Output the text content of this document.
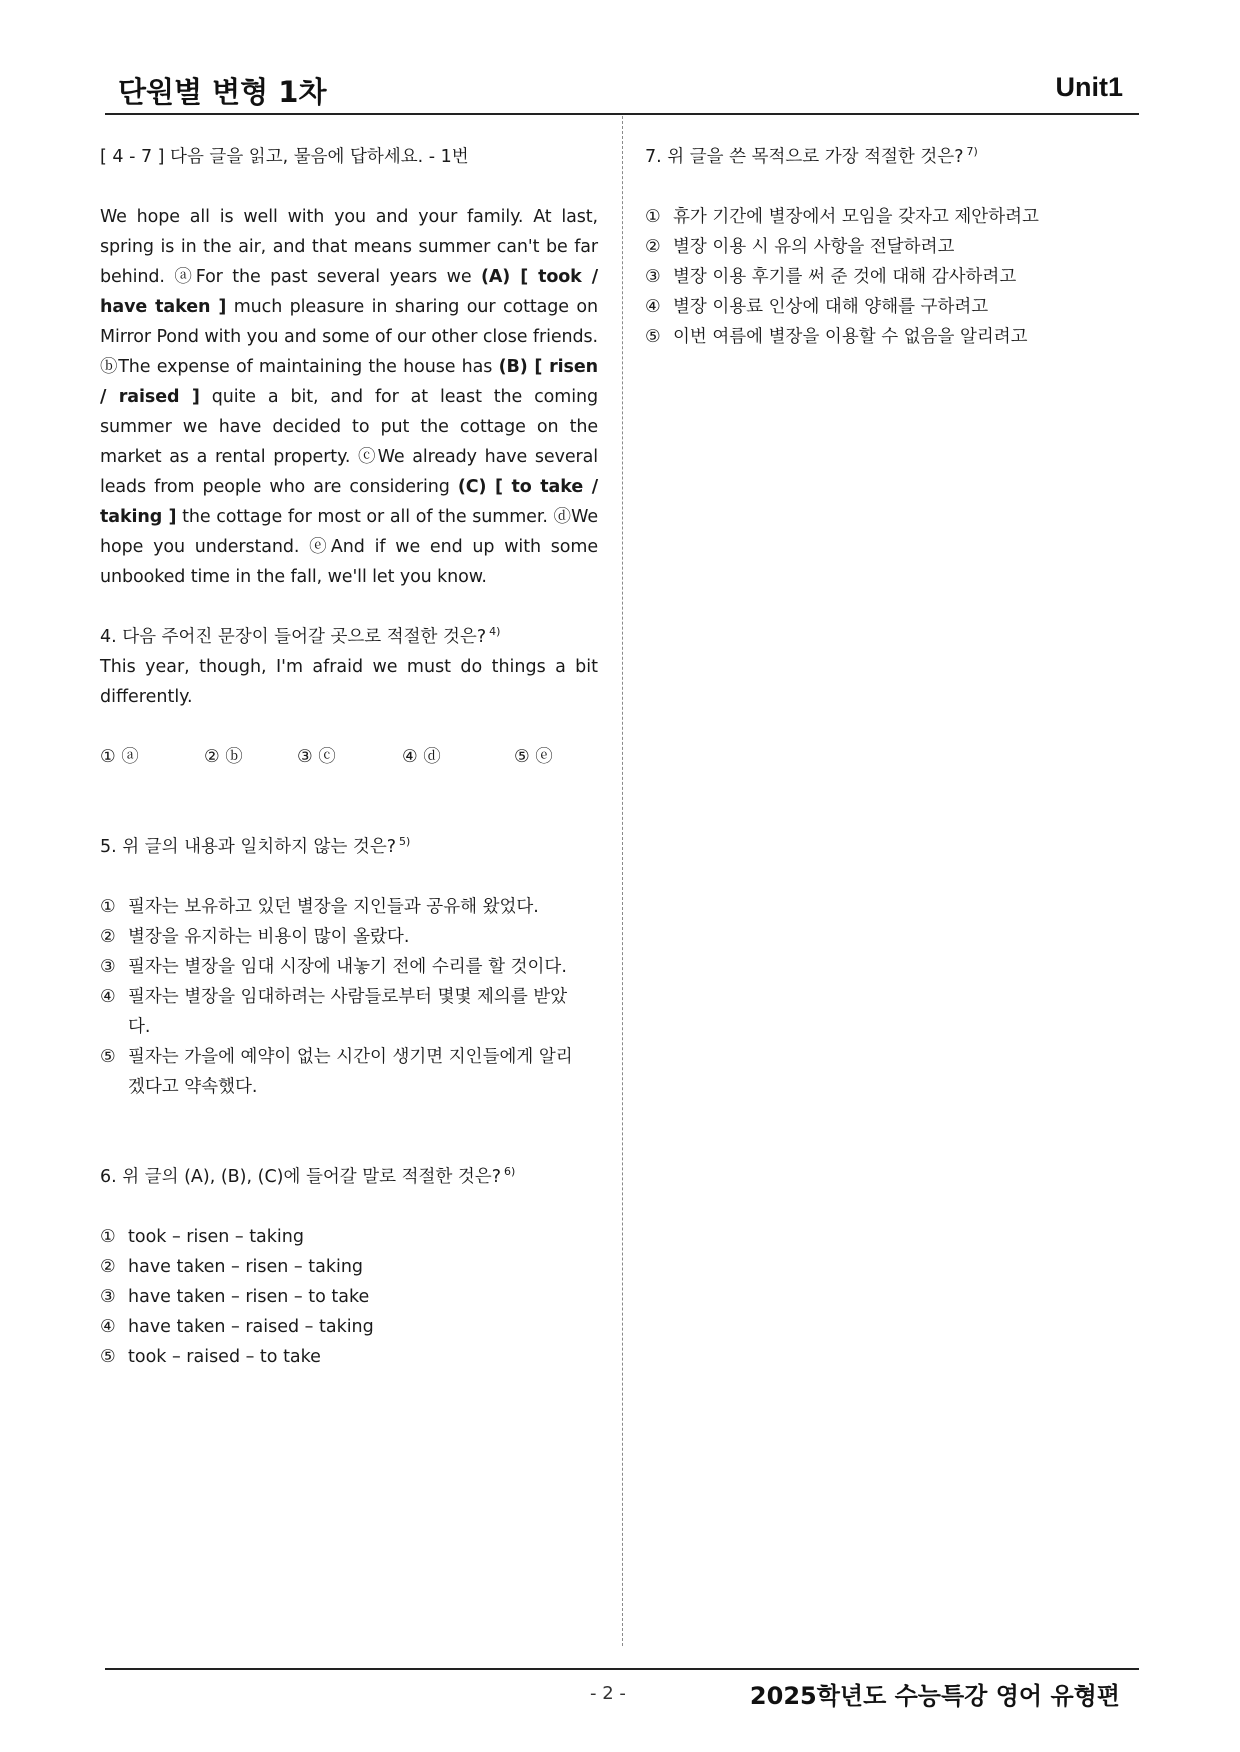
단원별 변형 1차	Unit1

[ 4 - 7 ] 다음 글을 읽고, 물음에 답하세요. - 1번

We hope all is well with you and your family. At last, spring is in the air, and that means summer can't be far behind. ⓐFor the past several years we (A) [ took / have taken ] much pleasure in sharing our cottage on Mirror Pond with you and some of our other close friends. ⓑThe expense of maintaining the house has (B) [ risen / raised ] quite a bit, and for at least the coming summer we have decided to put the cottage on the market as a rental property. ⓒWe already have several leads from people who are considering (C) [ to take / taking ] the cottage for most or all of the summer. ⓓWe hope you understand. ⓔAnd if we end up with some unbooked time in the fall, we'll let you know.

4. 다음 주어진 문장이 들어갈 곳으로 적절한 것은? $^{4)}$

This year, though, I'm afraid we must do things a bit differently.

① ⓐ	② ⓑ	③ ⓒ	④ ⓓ	⑤ ⓔ

5. 위 글의 내용과 일치하지 않는 것은? $^{5)}$

① 필자는 보유하고 있던 별장을 지인들과 공유해 왔었다.
② 별장을 유지하는 비용이 많이 올랐다.
③ 필자는 별장을 임대 시장에 내놓기 전에 수리를 할 것이다.
④ 필자는 별장을 임대하려는 사람들로부터 몇몇 제의를 받았다.
⑤ 필자는 가을에 예약이 없는 시간이 생기면 지인들에게 알리겠다고 약속했다.

6. 위 글의 (A), (B), (C)에 들어갈 말로 적절한 것은? $^{6)}$

① took – risen – taking
② have taken – risen – taking
③ have taken – risen – to take
④ have taken – raised – taking
⑤ took – raised – to take

7. 위 글을 쓴 목적으로 가장 적절한 것은? $^{7)}$

① 휴가 기간에 별장에서 모임을 갖자고 제안하려고
② 별장 이용 시 유의 사항을 전달하려고
③ 별장 이용 후기를 써 준 것에 대해 감사하려고
④ 별장 이용료 인상에 대해 양해를 구하려고
⑤ 이번 여름에 별장을 이용할 수 없음을 알리려고
- 2 -	2025학년도 수능특강 영어 유형편
